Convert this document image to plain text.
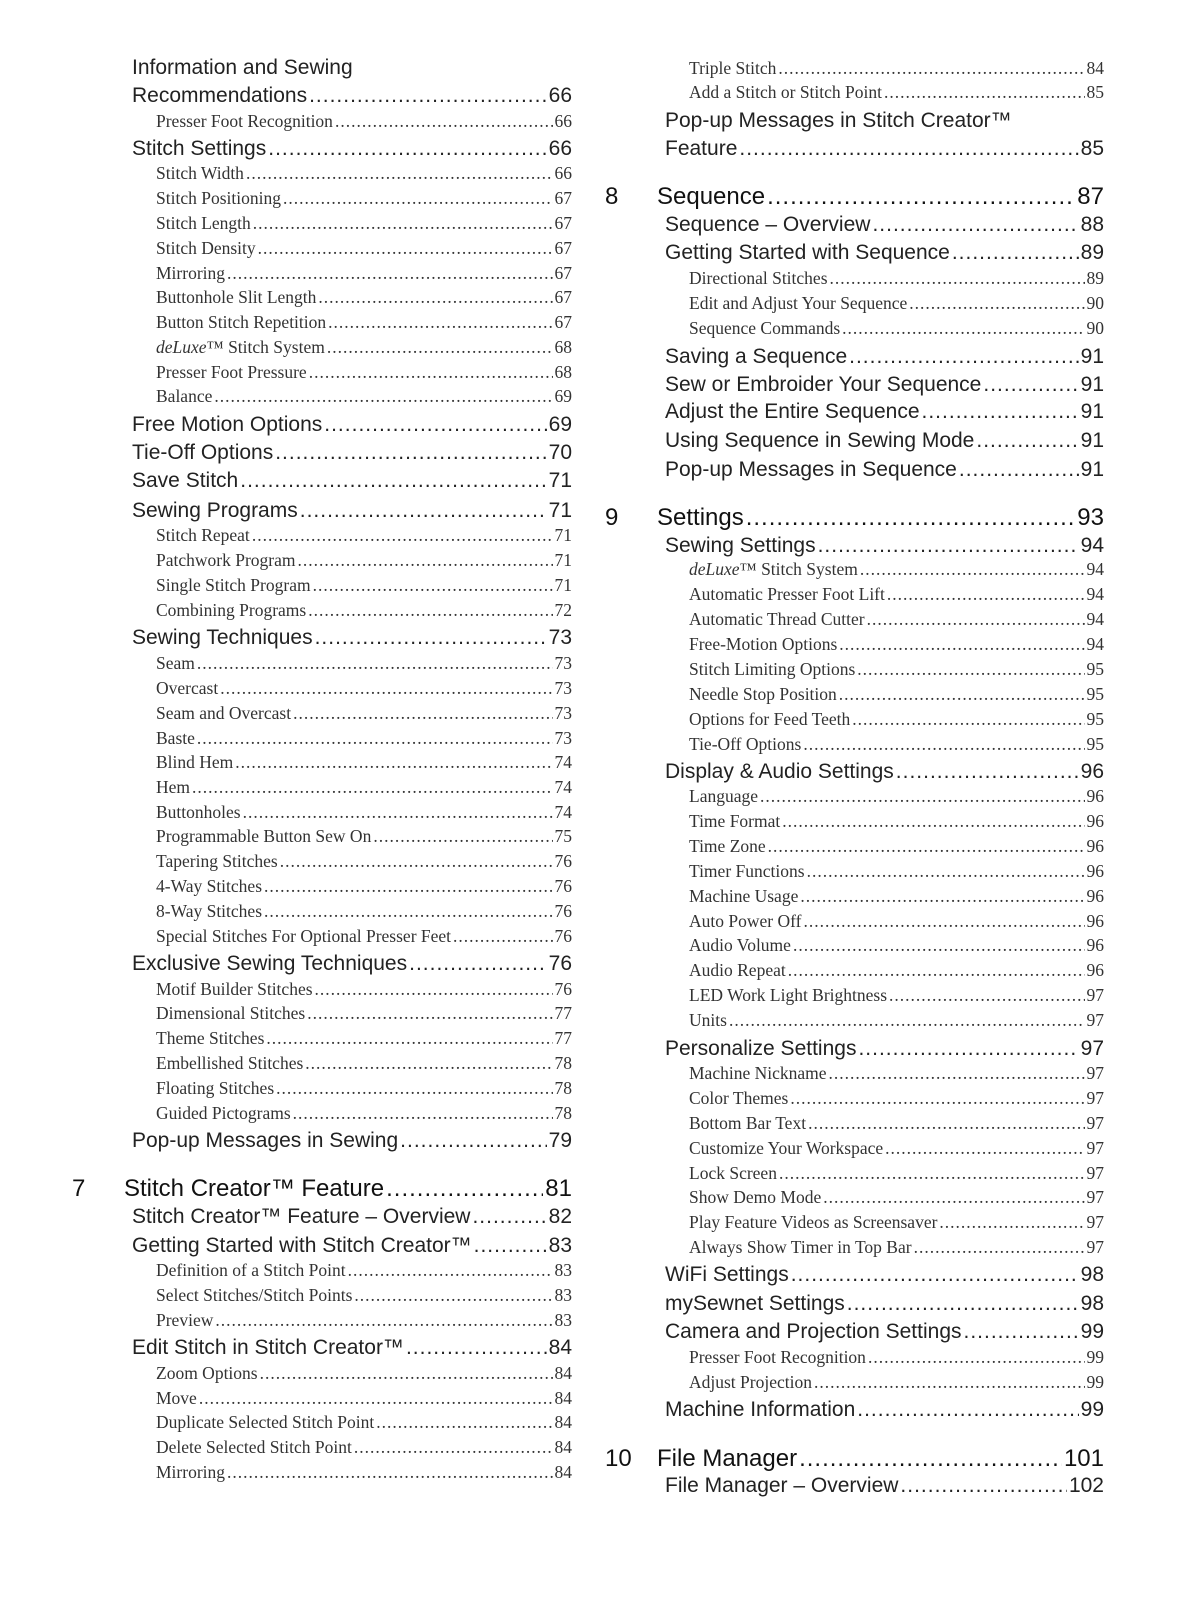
Information and Sewing
Recommendations .....	66
Presser Foot Recognition .....	66
Stitch Settings .....	66
Stitch Width .....	66
Stitch Positioning .....	67
Stitch Length .....	67
Stitch Density .....	67
Mirroring .....	67
Buttonhole Slit Length .....	67
Button Stitch Repetition .....	67
deLuxe™ Stitch System .....	68
Presser Foot Pressure .....	68
Balance .....	69
Free Motion Options .....	69
Tie-Off Options .....	70
Save Stitch .....	71
Sewing Programs .....	71
Stitch Repeat .....	71
Patchwork Program .....	71
Single Stitch Program .....	71
Combining Programs .....	72
Sewing Techniques .....	73
Seam .....	73
Overcast .....	73
Seam and Overcast .....	73
Baste .....	73
Blind Hem .....	74
Hem .....	74
Buttonholes .....	74
Programmable Button Sew On .....	75
Tapering Stitches .....	76
4-Way Stitches .....	76
8-Way Stitches .....	76
Special Stitches For Optional Presser Feet .....	76
Exclusive Sewing Techniques .....	76
Motif Builder Stitches .....	76
Dimensional Stitches .....	77
Theme Stitches .....	77
Embellished Stitches .....	78
Floating Stitches .....	78
Guided Pictograms .....	78
Pop-up Messages in Sewing .....	79
7 Stitch Creator™ Feature .....	81
Stitch Creator™ Feature – Overview .....	82
Getting Started with Stitch Creator™ .....	83
Definition of a Stitch Point .....	83
Select Stitches/Stitch Points .....	83
Preview .....	83
Edit Stitch in Stitch Creator™ .....	84
Zoom Options .....	84
Move .....	84
Duplicate Selected Stitch Point .....	84
Delete Selected Stitch Point .....	84
Mirroring .....	84
Triple Stitch .....	84
Add a Stitch or Stitch Point .....	85
Pop-up Messages in Stitch Creator™
Feature .....	85
8 Sequence .....	87
Sequence – Overview .....	88
Getting Started with Sequence .....	89
Directional Stitches .....	89
Edit and Adjust Your Sequence .....	90
Sequence Commands .....	90
Saving a Sequence .....	91
Sew or Embroider Your Sequence .....	91
Adjust the Entire Sequence .....	91
Using Sequence in Sewing Mode .....	91
Pop-up Messages in Sequence .....	91
9 Settings .....	93
Sewing Settings .....	94
deLuxe™ Stitch System .....	94
Automatic Presser Foot Lift .....	94
Automatic Thread Cutter .....	94
Free-Motion Options .....	94
Stitch Limiting Options .....	95
Needle Stop Position .....	95
Options for Feed Teeth .....	95
Tie-Off Options .....	95
Display & Audio Settings .....	96
Language .....	96
Time Format .....	96
Time Zone .....	96
Timer Functions .....	96
Machine Usage .....	96
Auto Power Off .....	96
Audio Volume .....	96
Audio Repeat .....	96
LED Work Light Brightness .....	97
Units .....	97
Personalize Settings .....	97
Machine Nickname .....	97
Color Themes .....	97
Bottom Bar Text .....	97
Customize Your Workspace .....	97
Lock Screen .....	97
Show Demo Mode .....	97
Play Feature Videos as Screensaver .....	97
Always Show Timer in Top Bar .....	97
WiFi Settings .....	98
mySewnet Settings .....	98
Camera and Projection Settings .....	99
Presser Foot Recognition .....	99
Adjust Projection .....	99
Machine Information .....	99
10 File Manager .....	101
File Manager – Overview .....	102
